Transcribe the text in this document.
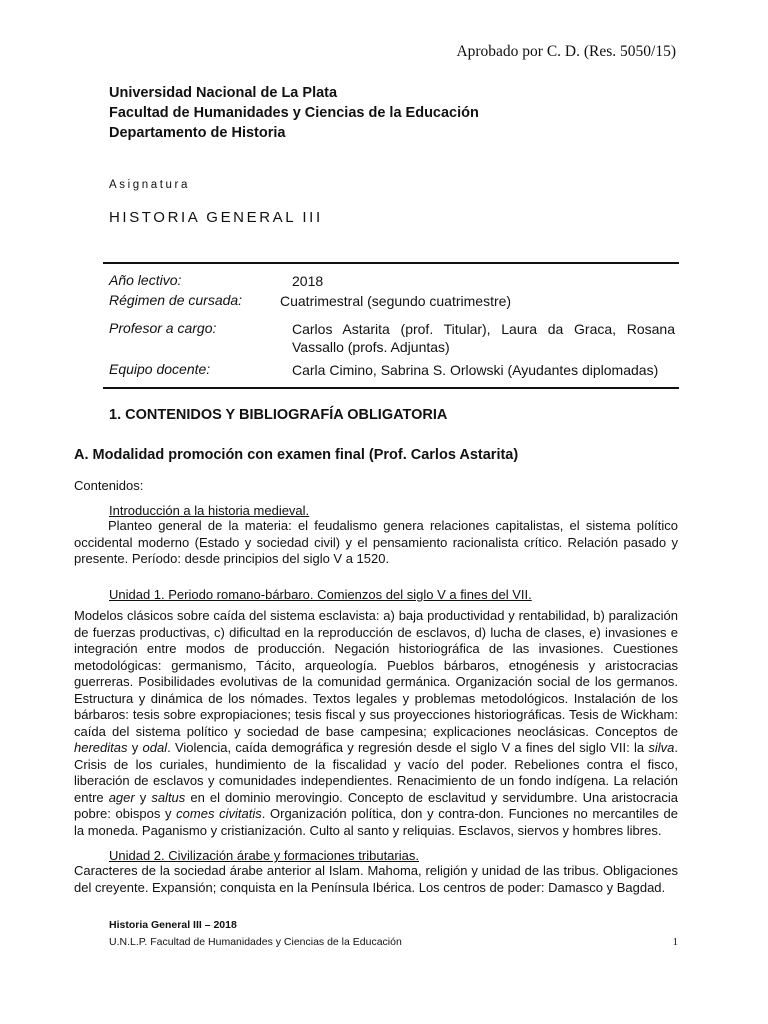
Aprobado por C. D. (Res. 5050/15)
Universidad Nacional de La Plata
Facultad de Humanidades y Ciencias de la Educación
Departamento de Historia
Asignatura
HISTORIA GENERAL III
Año lectivo:	2018
Régimen de cursada:	Cuatrimestral (segundo cuatrimestre)
Profesor a cargo:	Carlos Astarita (prof. Titular), Laura da Graca, Rosana Vassallo (profs. Adjuntas)
Equipo docente:	Carla Cimino, Sabrina S. Orlowski (Ayudantes diplomadas)
1. CONTENIDOS Y BIBLIOGRAFÍA OBLIGATORIA
A. Modalidad promoción con examen final (Prof. Carlos Astarita)
Contenidos:
Introducción a la historia medieval.
Planteo general de la materia: el feudalismo genera relaciones capitalistas, el sistema político occidental moderno (Estado y sociedad civil) y el pensamiento racionalista crítico. Relación pasado y presente. Período: desde principios del siglo V a 1520.
Unidad 1. Periodo romano-bárbaro. Comienzos del siglo V a fines del VII.
Modelos clásicos sobre caída del sistema esclavista: a) baja productividad y rentabilidad, b) paralización de fuerzas productivas, c) dificultad en la reproducción de esclavos, d) lucha de clases, e) invasiones e integración entre modos de producción. Negación historiográfica de las invasiones. Cuestiones metodológicas: germanismo, Tácito, arqueología. Pueblos bárbaros, etnogénesis y aristocracias guerreras. Posibilidades evolutivas de la comunidad germánica. Organización social de los germanos. Estructura y dinámica de los nómades. Textos legales y problemas metodológicos. Instalación de los bárbaros: tesis sobre expropiaciones; tesis fiscal y sus proyecciones historiográficas. Tesis de Wickham: caída del sistema político y sociedad de base campesina; explicaciones neoclásicas. Conceptos de hereditas y odal. Violencia, caída demográfica y regresión desde el siglo V a fines del siglo VII: la silva. Crisis de los curiales, hundimiento de la fiscalidad y vacío del poder. Rebeliones contra el fisco, liberación de esclavos y comunidades independientes. Renacimiento de un fondo indígena. La relación entre ager y saltus en el dominio merovingio. Concepto de esclavitud y servidumbre. Una aristocracia pobre: obispos y comes civitatis. Organización política, don y contra-don. Funciones no mercantiles de la moneda. Paganismo y cristianización. Culto al santo y reliquias. Esclavos, siervos y hombres libres.
Unidad 2. Civilización árabe y formaciones tributarias.
Caracteres de la sociedad árabe anterior al Islam. Mahoma, religión y unidad de las tribus. Obligaciones del creyente. Expansión; conquista en la Península Ibérica. Los centros de poder: Damasco y Bagdad.
Historia General III – 2018
U.N.L.P. Facultad de Humanidades y Ciencias de la Educación	1
